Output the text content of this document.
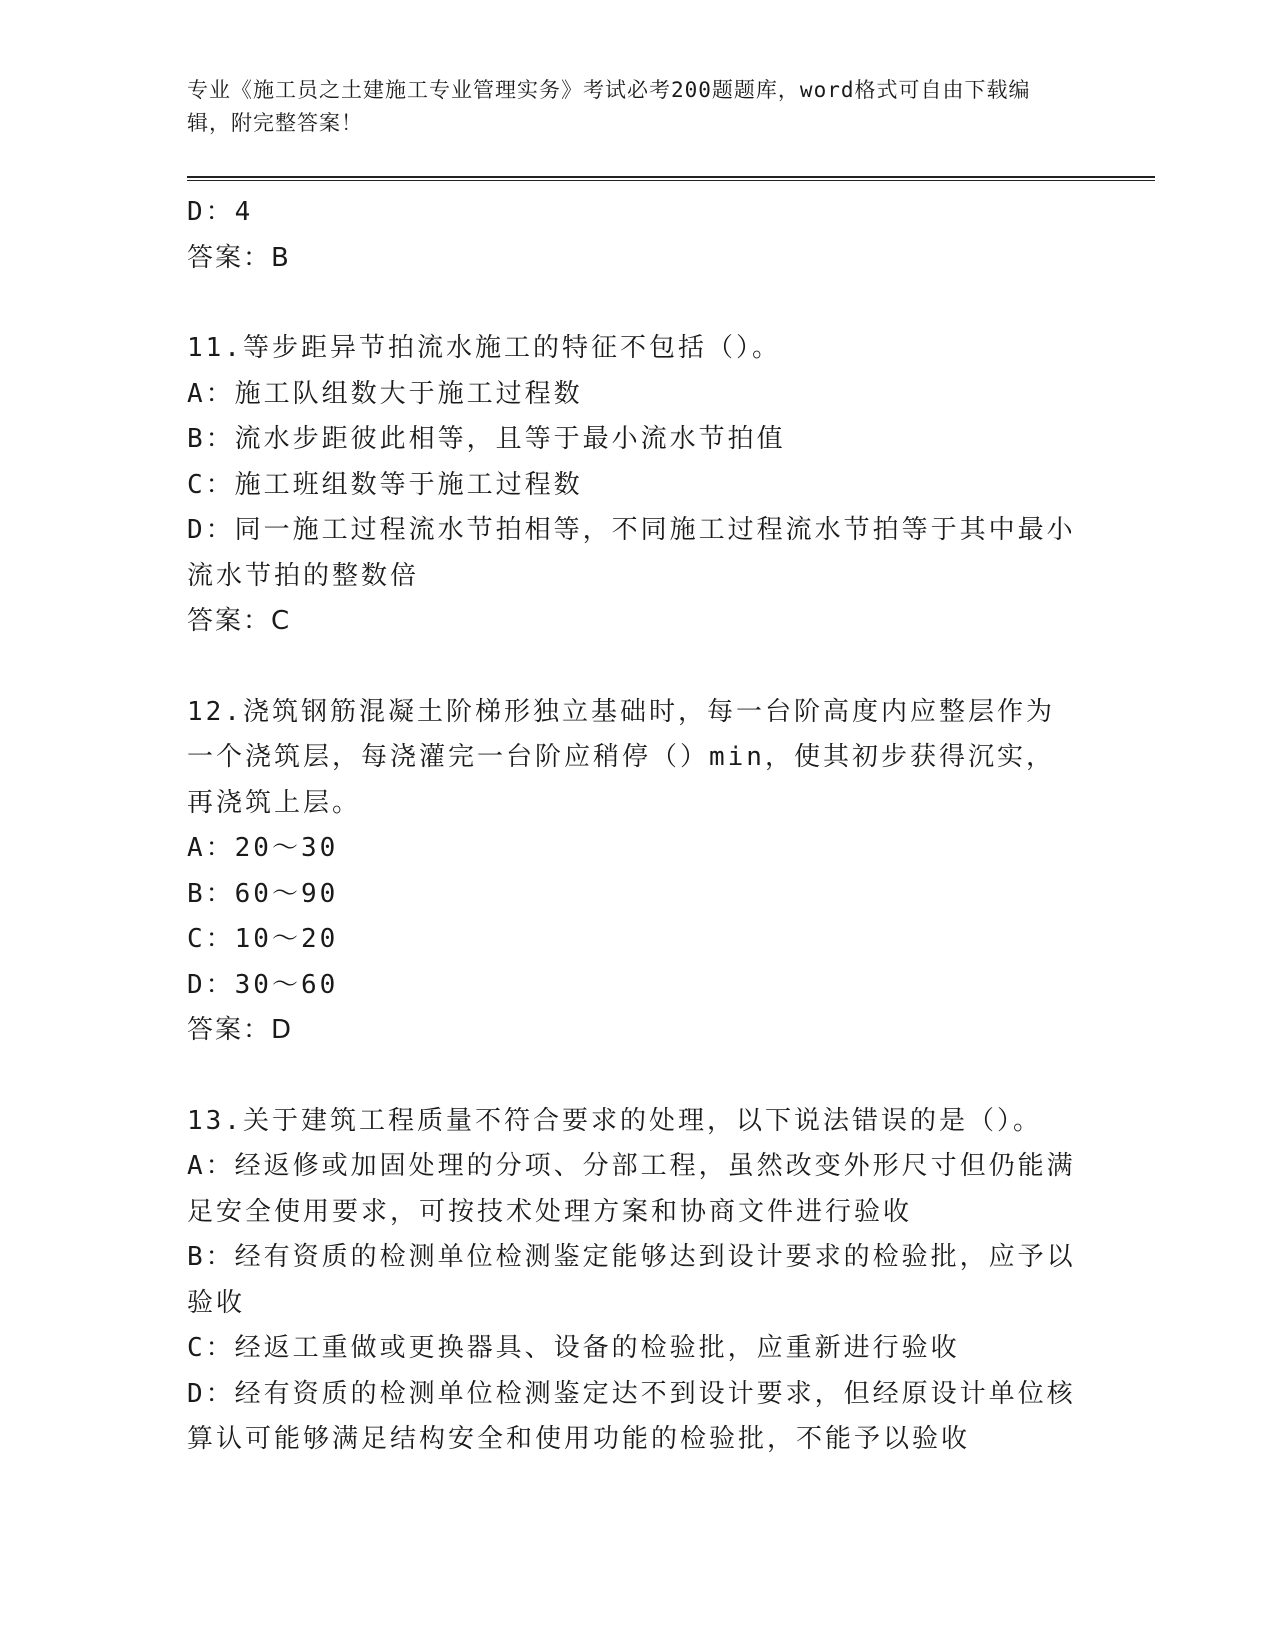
专业《施工员之土建施工专业管理实务》考试必考200题题库，word格式可自由下载编辑，附完整答案！
D：4
答案：B
11.等步距异节拍流水施工的特征不包括（）。
A：施工队组数大于施工过程数
B：流水步距彼此相等，且等于最小流水节拍值
C：施工班组数等于施工过程数
D：同一施工过程流水节拍相等，不同施工过程流水节拍等于其中最小流水节拍的整数倍
答案：C
12.浇筑钢筋混凝土阶梯形独立基础时，每一台阶高度内应整层作为一个浇筑层，每浇灌完一台阶应稍停（）min，使其初步获得沉实，再浇筑上层。
A：20～30
B：60～90
C：10～20
D：30～60
答案：D
13.关于建筑工程质量不符合要求的处理，以下说法错误的是（）。
A：经返修或加固处理的分项、分部工程，虽然改变外形尺寸但仍能满足安全使用要求，可按技术处理方案和协商文件进行验收
B：经有资质的检测单位检测鉴定能够达到设计要求的检验批，应予以验收
C：经返工重做或更换器具、设备的检验批，应重新进行验收
D：经有资质的检测单位检测鉴定达不到设计要求，但经原设计单位核算认可能够满足结构安全和使用功能的检验批，不能予以验收
